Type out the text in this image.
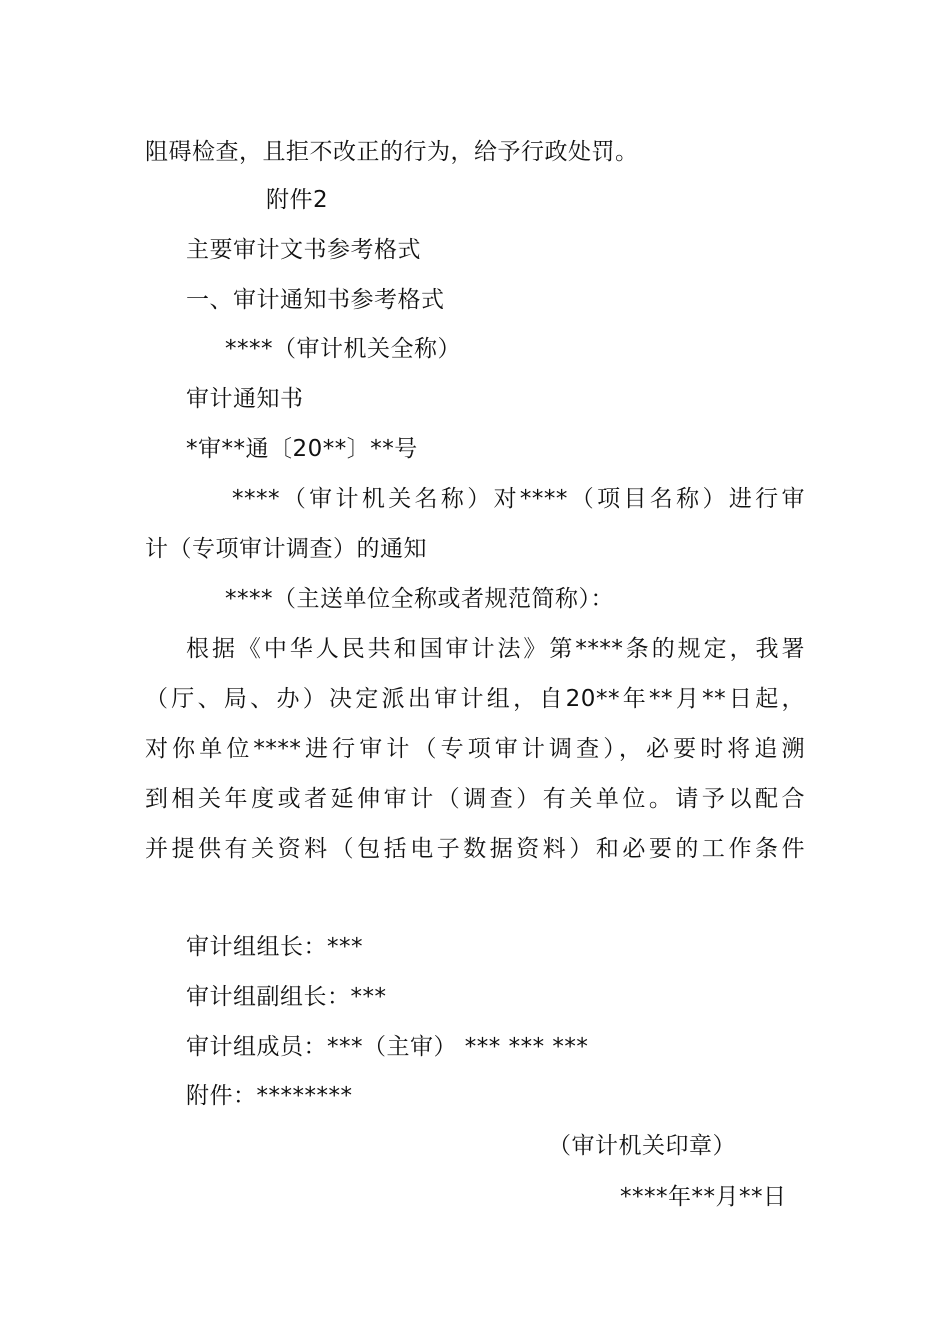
阻碍检查，且拒不改正的行为，给予行政处罚。
附件2
主要审计文书参考格式
一、审计通知书参考格式
****（审计机关全称）
审计通知书
*审**通〔20**〕**号
****（审计机关名称）对****（项目名称）进行审
计（专项审计调查）的通知
****（主送单位全称或者规范简称）：
根据《中华人民共和国审计法》第****条的规定，我署
（厅、局、办）决定派出审计组，自20**年**月**日起，
对你单位****进行审计（专项审计调查），必要时将追溯
到相关年度或者延伸审计（调查）有关单位。请予以配合
并提供有关资料（包括电子数据资料）和必要的工作条件
审计组组长：***
审计组副组长：***
审计组成员：***（主审） *** *** ***
附件：********
（审计机关印章）
****年**月**日
